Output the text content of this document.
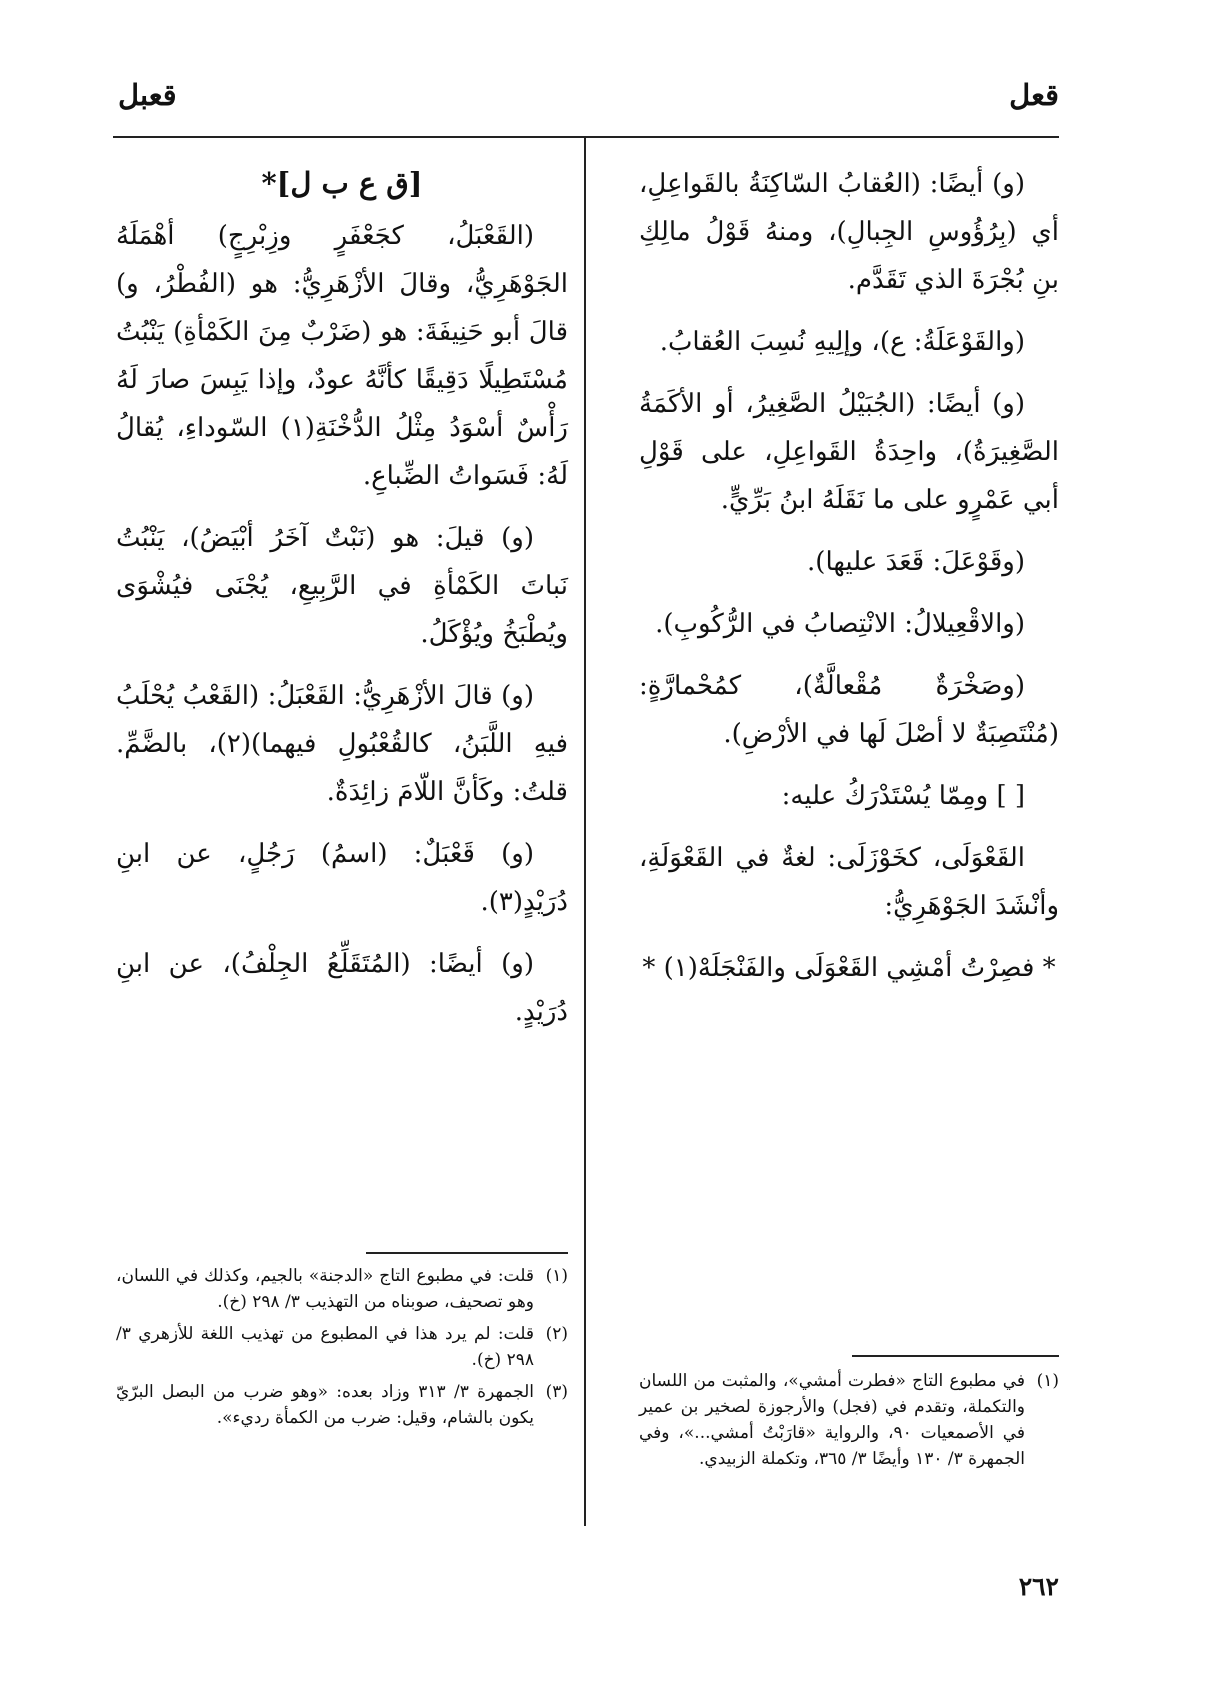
قعل
قعبل

(و) أيضًا: (العُقابُ السّاكِنَةُ بالقَواعِلِ، أي (بِرُؤُوسِ الجِبالِ)، ومنهُ قَوْلُ مالِكِ بنِ بُجْرَةَ الذي تَقَدَّم.

(والقَوْعَلَةُ: ع)، وإلِيهِ نُسِبَ العُقابُ.

(و) أيضًا: (الجُبَيْلُ الصَّغِيرُ، أو الأكَمَةُ الصَّغِيرَةُ)، واحِدَةُ القَواعِلِ، على قَوْلِ أبي عَمْرٍو على ما نَقَلَهُ ابنُ بَرِّيٍّ.

(وقَوْعَلَ: قَعَدَ عليها).

(والاقْعِيلالُ: الانْتِصابُ في الرُّكُوبِ).

(وصَخْرَةٌ مُقْعالَّةٌ)، كمُحْمارَّةٍ: (مُنْتَصِبَةٌ لا أصْلَ لَها في الأرْضِ).

[ ] ومِمّا يُسْتَدْرَكُ عليه:

القَعْوَلَى، كخَوْزَلَى: لغةٌ في القَعْوَلَةِ، وأنْشَدَ الجَوْهَرِيُّ:

* فصِرْتُ أمْشِي القَعْوَلَى والفَنْجَلَهْ(١) *

[ق ع ب ل]*

(القَعْبَلُ، كجَعْفَرٍ وزِبْرِجٍ) أهْمَلَهُ الجَوْهَرِيُّ، وقالَ الأزْهَرِيُّ: هو (الفُطْرُ، و) قالَ أبو حَنِيفَةَ: هو (ضَرْبٌ مِنَ الكَمْأةِ) يَنْبُتُ مُسْتَطِيلًا دَقِيقًا كأنَّهُ عودٌ، وإذا يَبِسَ صارَ لَهُ رَأْسٌ أسْوَدُ مِثْلُ الدُّخْنَةِ(١) السّوداءِ، يُقالُ لَهُ: فَسَواتُ الضِّباعِ.

(و) قيلَ: هو (نَبْتٌ آخَرُ أبْيَضُ)، يَنْبُتُ نَباتَ الكَمْأةِ في الرَّبِيعِ، يُجْنَى فيُشْوَى ويُطْبَخُ ويُؤْكَلُ.

(و) قالَ الأزْهَرِيُّ: القَعْبَلُ: (القَعْبُ يُحْلَبُ فيهِ اللَّبَنُ، كالقُعْبُولِ فيهما)(٢)، بالضَّمِّ. قلتُ: وكَأنَّ اللّامَ زائِدَةٌ.

(و) قَعْبَلٌ: (اسمُ) رَجُلٍ، عن ابنِ دُرَيْدٍ(٣).

(و) أيضًا: (المُتَقَلِّعُ الجِلْفُ)، عن ابنِ دُرَيْدٍ.

(١)
قلت: في مطبوع التاج «الدجنة» بالجيم، وكذلك في اللسان، وهو تصحيف، صوبناه من التهذيب ٣/ ٢٩٨ (خ).
(٢)
قلت: لم يرد هذا في المطبوع من تهذيب اللغة للأزهري ٣/ ٢٩٨ (خ).
(٣)
الجمهرة ٣/ ٣١٣ وزاد بعده: «وهو ضرب من البصل البرّيّ يكون بالشام، وقيل: ضرب من الكمأة رديء».
(١)
في مطبوع التاج «فطرت أمشي»، والمثبت من اللسان والتكملة، وتقدم في (فجل) والأرجوزة لصخير بن عمير في الأصمعيات ٩٠، والرواية «قارَبْتُ أمشي...»، وفي الجمهرة ٣/ ١٣٠ وأيضًا ٣/ ٣٦٥، وتكملة الزبيدي.
٢٦٢
